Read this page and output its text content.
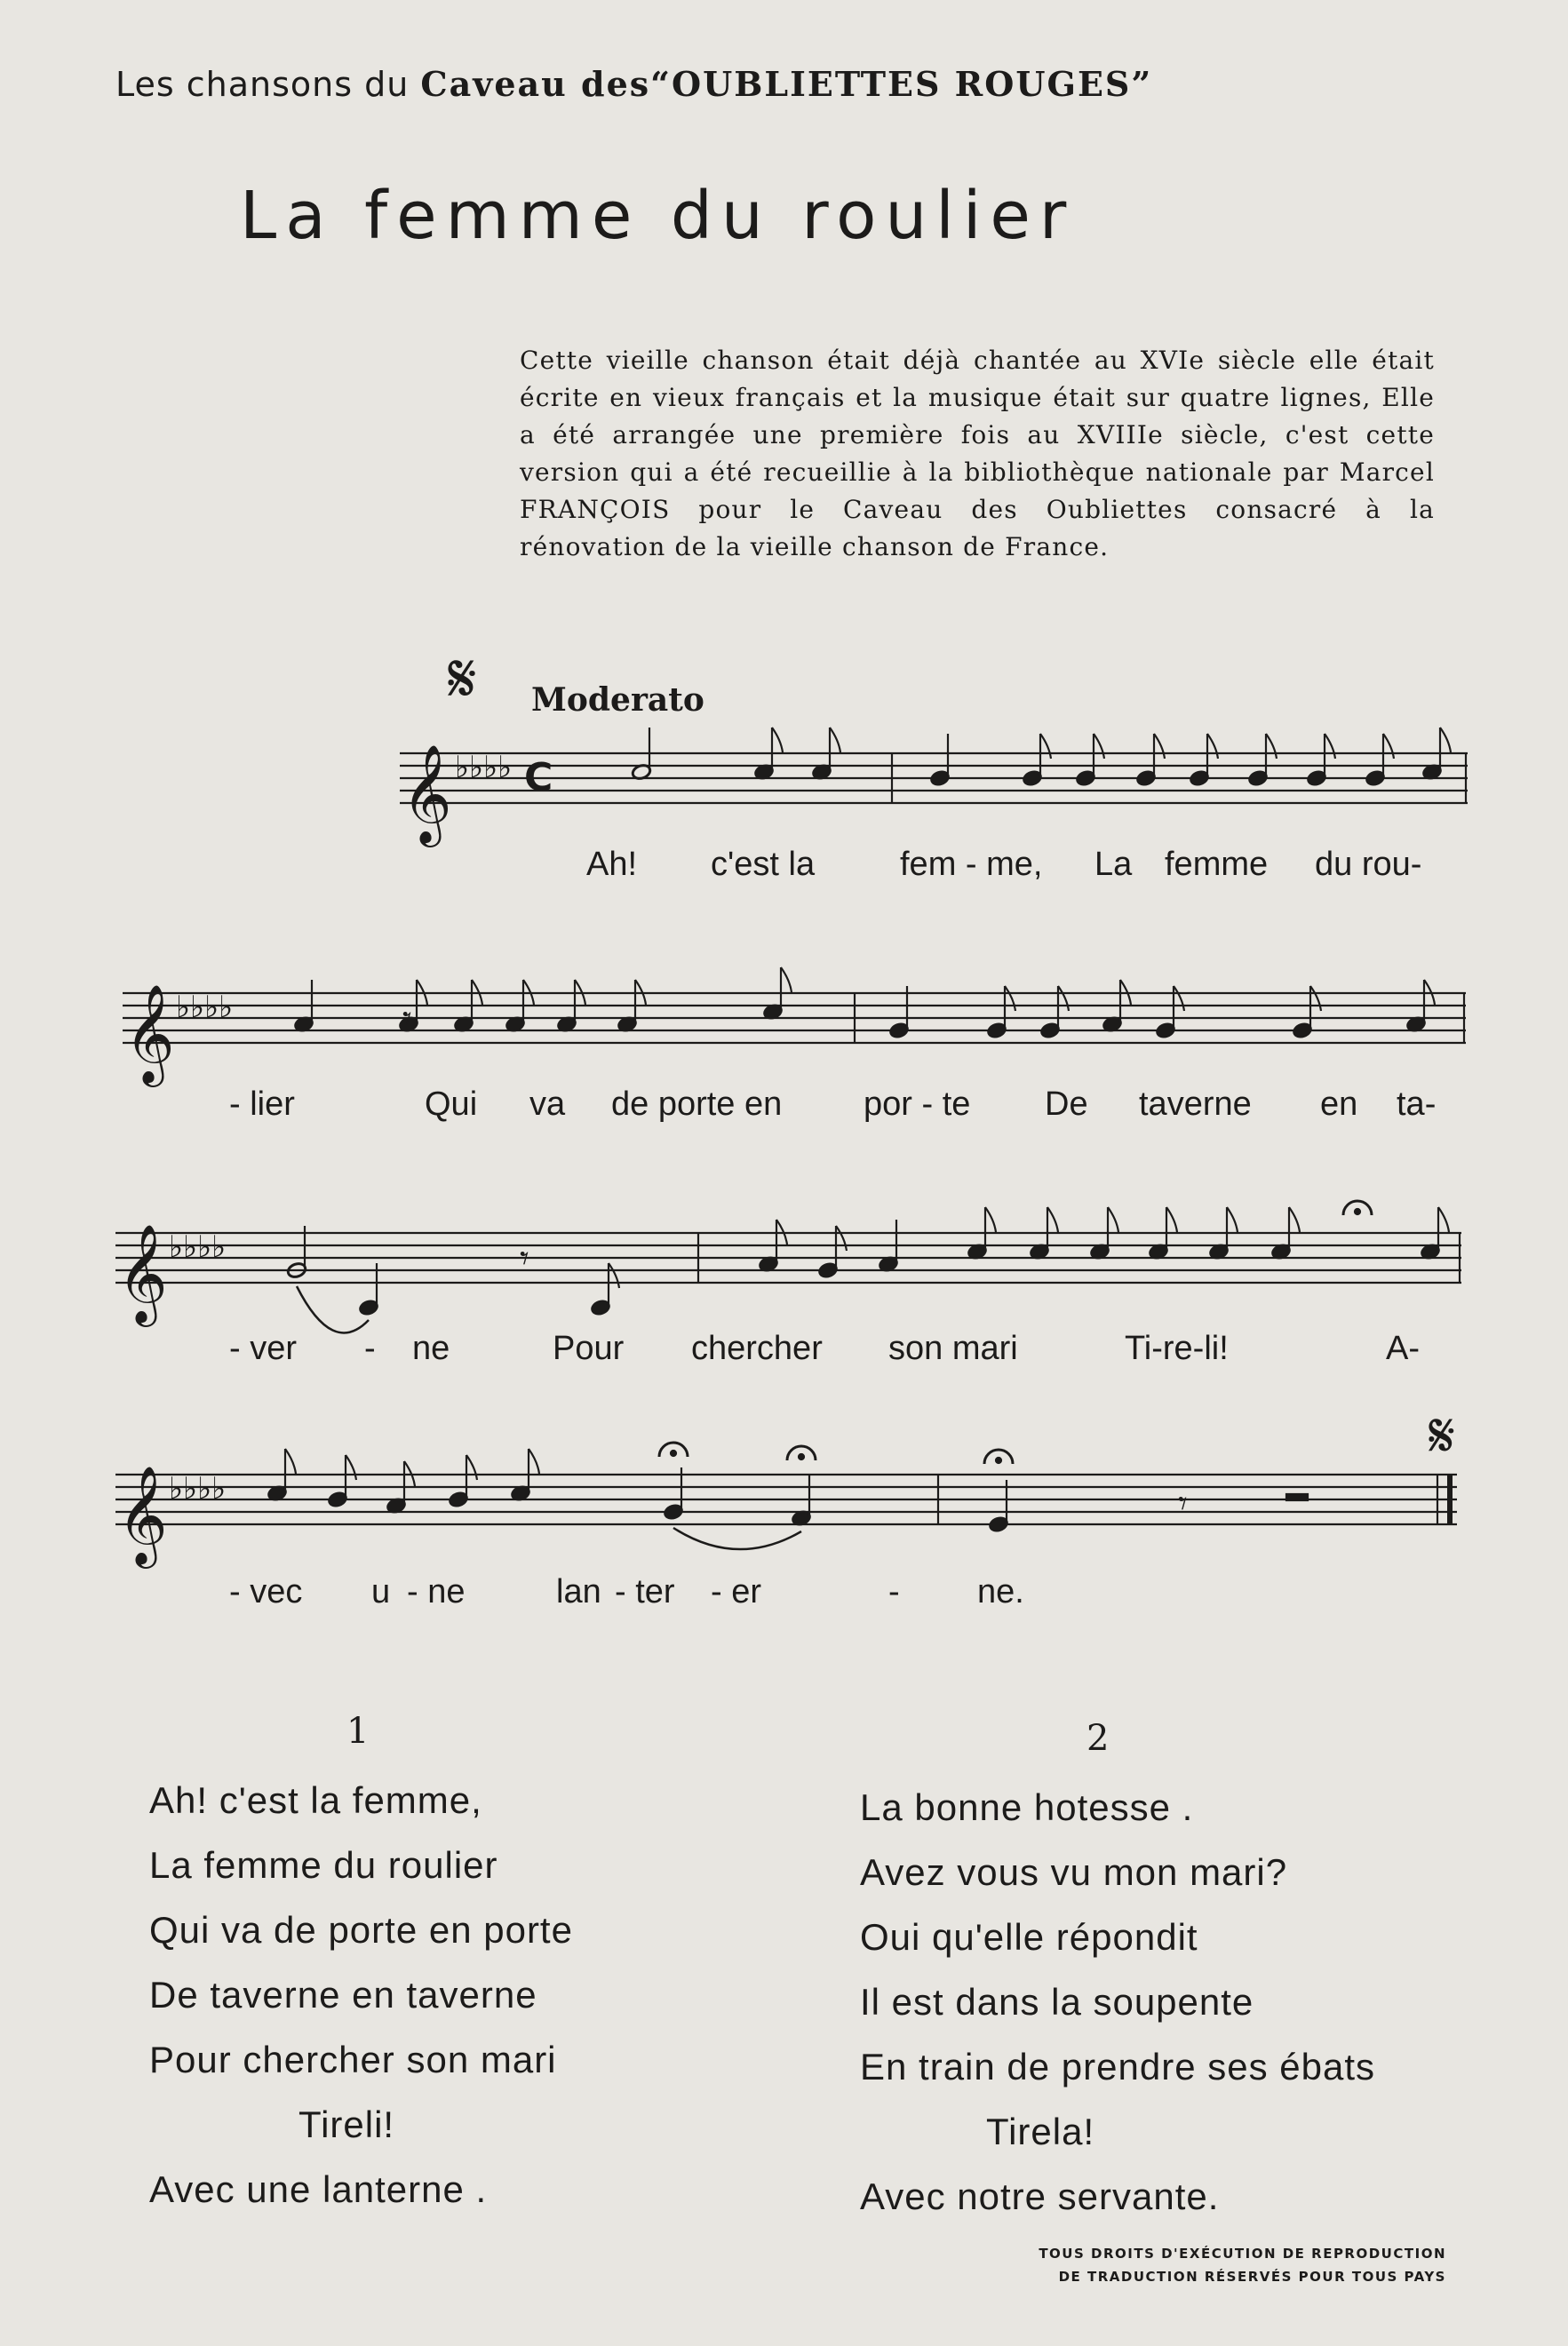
Les chansons du Caveau des“OUBLIETTES ROUGES”
La femme du roulier
Cette vieille chanson était déjà chantée au XVIe siècle elle était écrite en vieux français et la musique était sur quatre lignes, Elle a été arrangée une première fois au XVIIIe siècle, c'est cette version qui a été recueillie à la bibliothèque nationale par Marcel FRANÇOIS pour le Caveau des Oubliettes consacré à la rénovation de la vieille chanson de France.
𝄞 ♭♭♭♭ C
𝄞 ♭♭♭♭
𝄞 ♭♭♭♭
𝄞 ♭♭♭♭
𝄋
𝄋
Moderato
𝄾
𝄾
𝄾
Ah! c'est la	fem - me, La femme du rou-
- lier	Qui va de porte en por - te De taverne en ta-
- ver - ne	Pour chercher son mari	Ti-re-li!	A-
- vec u - ne	lan - ter - er	- ne.
1
Ah! c'est la femme,
La femme du roulier
Qui va de porte en porte
De taverne en taverne
Pour chercher son mari
Tireli!
Avec une lanterne .
2
La bonne hotesse .
Avez vous vu mon mari?
Oui qu'elle répondit
Il est dans la soupente
En train de prendre ses ébats
Tirela!
Avec notre servante.
TOUS DROITS D'EXÉCUTION DE REPRODUCTION
DE TRADUCTION RÉSERVÉS POUR TOUS PAYS
